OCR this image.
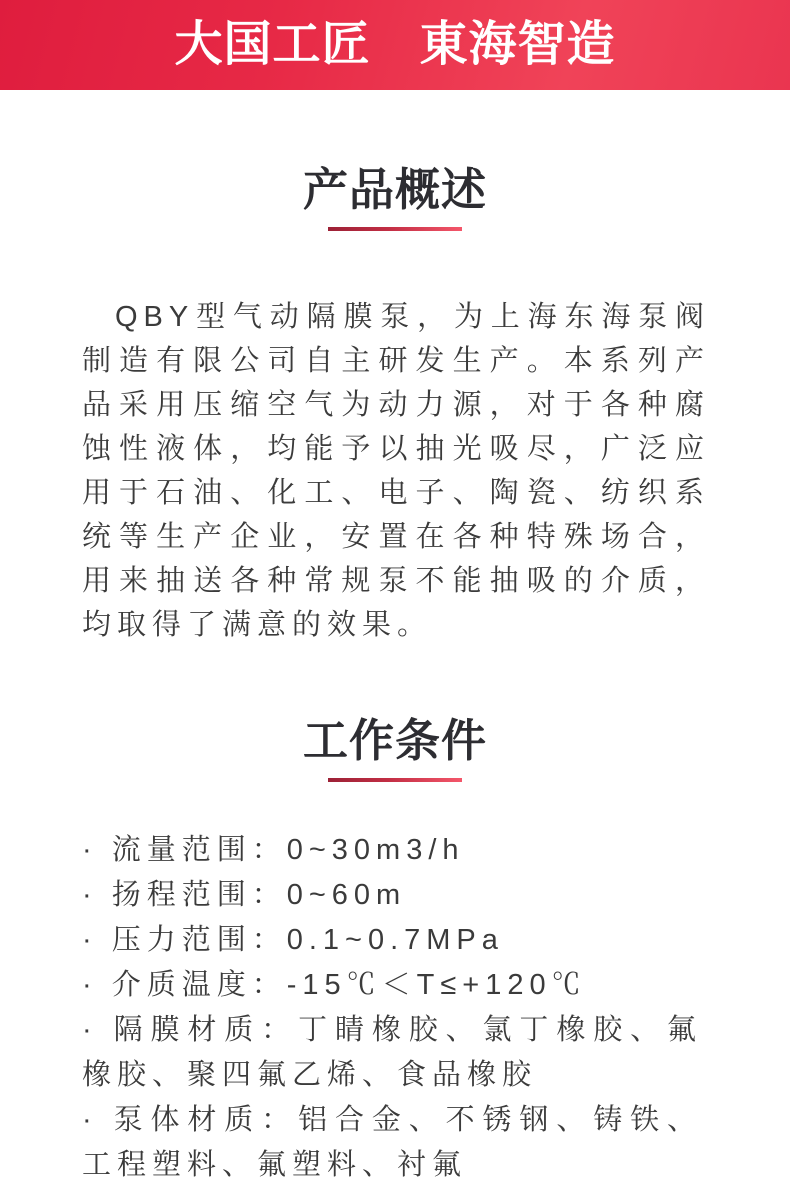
大国工匠　東海智造
产品概述

QBY型气动隔膜泵，为上海东海泵阀制造有限公司自主研发生产。本系列产品采用压缩空气为动力源，对于各种腐蚀性液体，均能予以抽光吸尽，广泛应用于石油、化工、电子、陶瓷、纺织系统等生产企业，安置在各种特殊场合，用来抽送各种常规泵不能抽吸的介质，均取得了满意的效果。

工作条件
· 流量范围：0~30m3/h
· 扬程范围：0~60m
· 压力范围：0.1~0.7MPa
· 介质温度：-15℃＜T≤+120℃
· 隔膜材质：丁睛橡胶、氯丁橡胶、氟橡胶、聚四氟乙烯、食品橡胶
· 泵体材质：铝合金、不锈钢、铸铁、工程塑料、氟塑料、衬氟
